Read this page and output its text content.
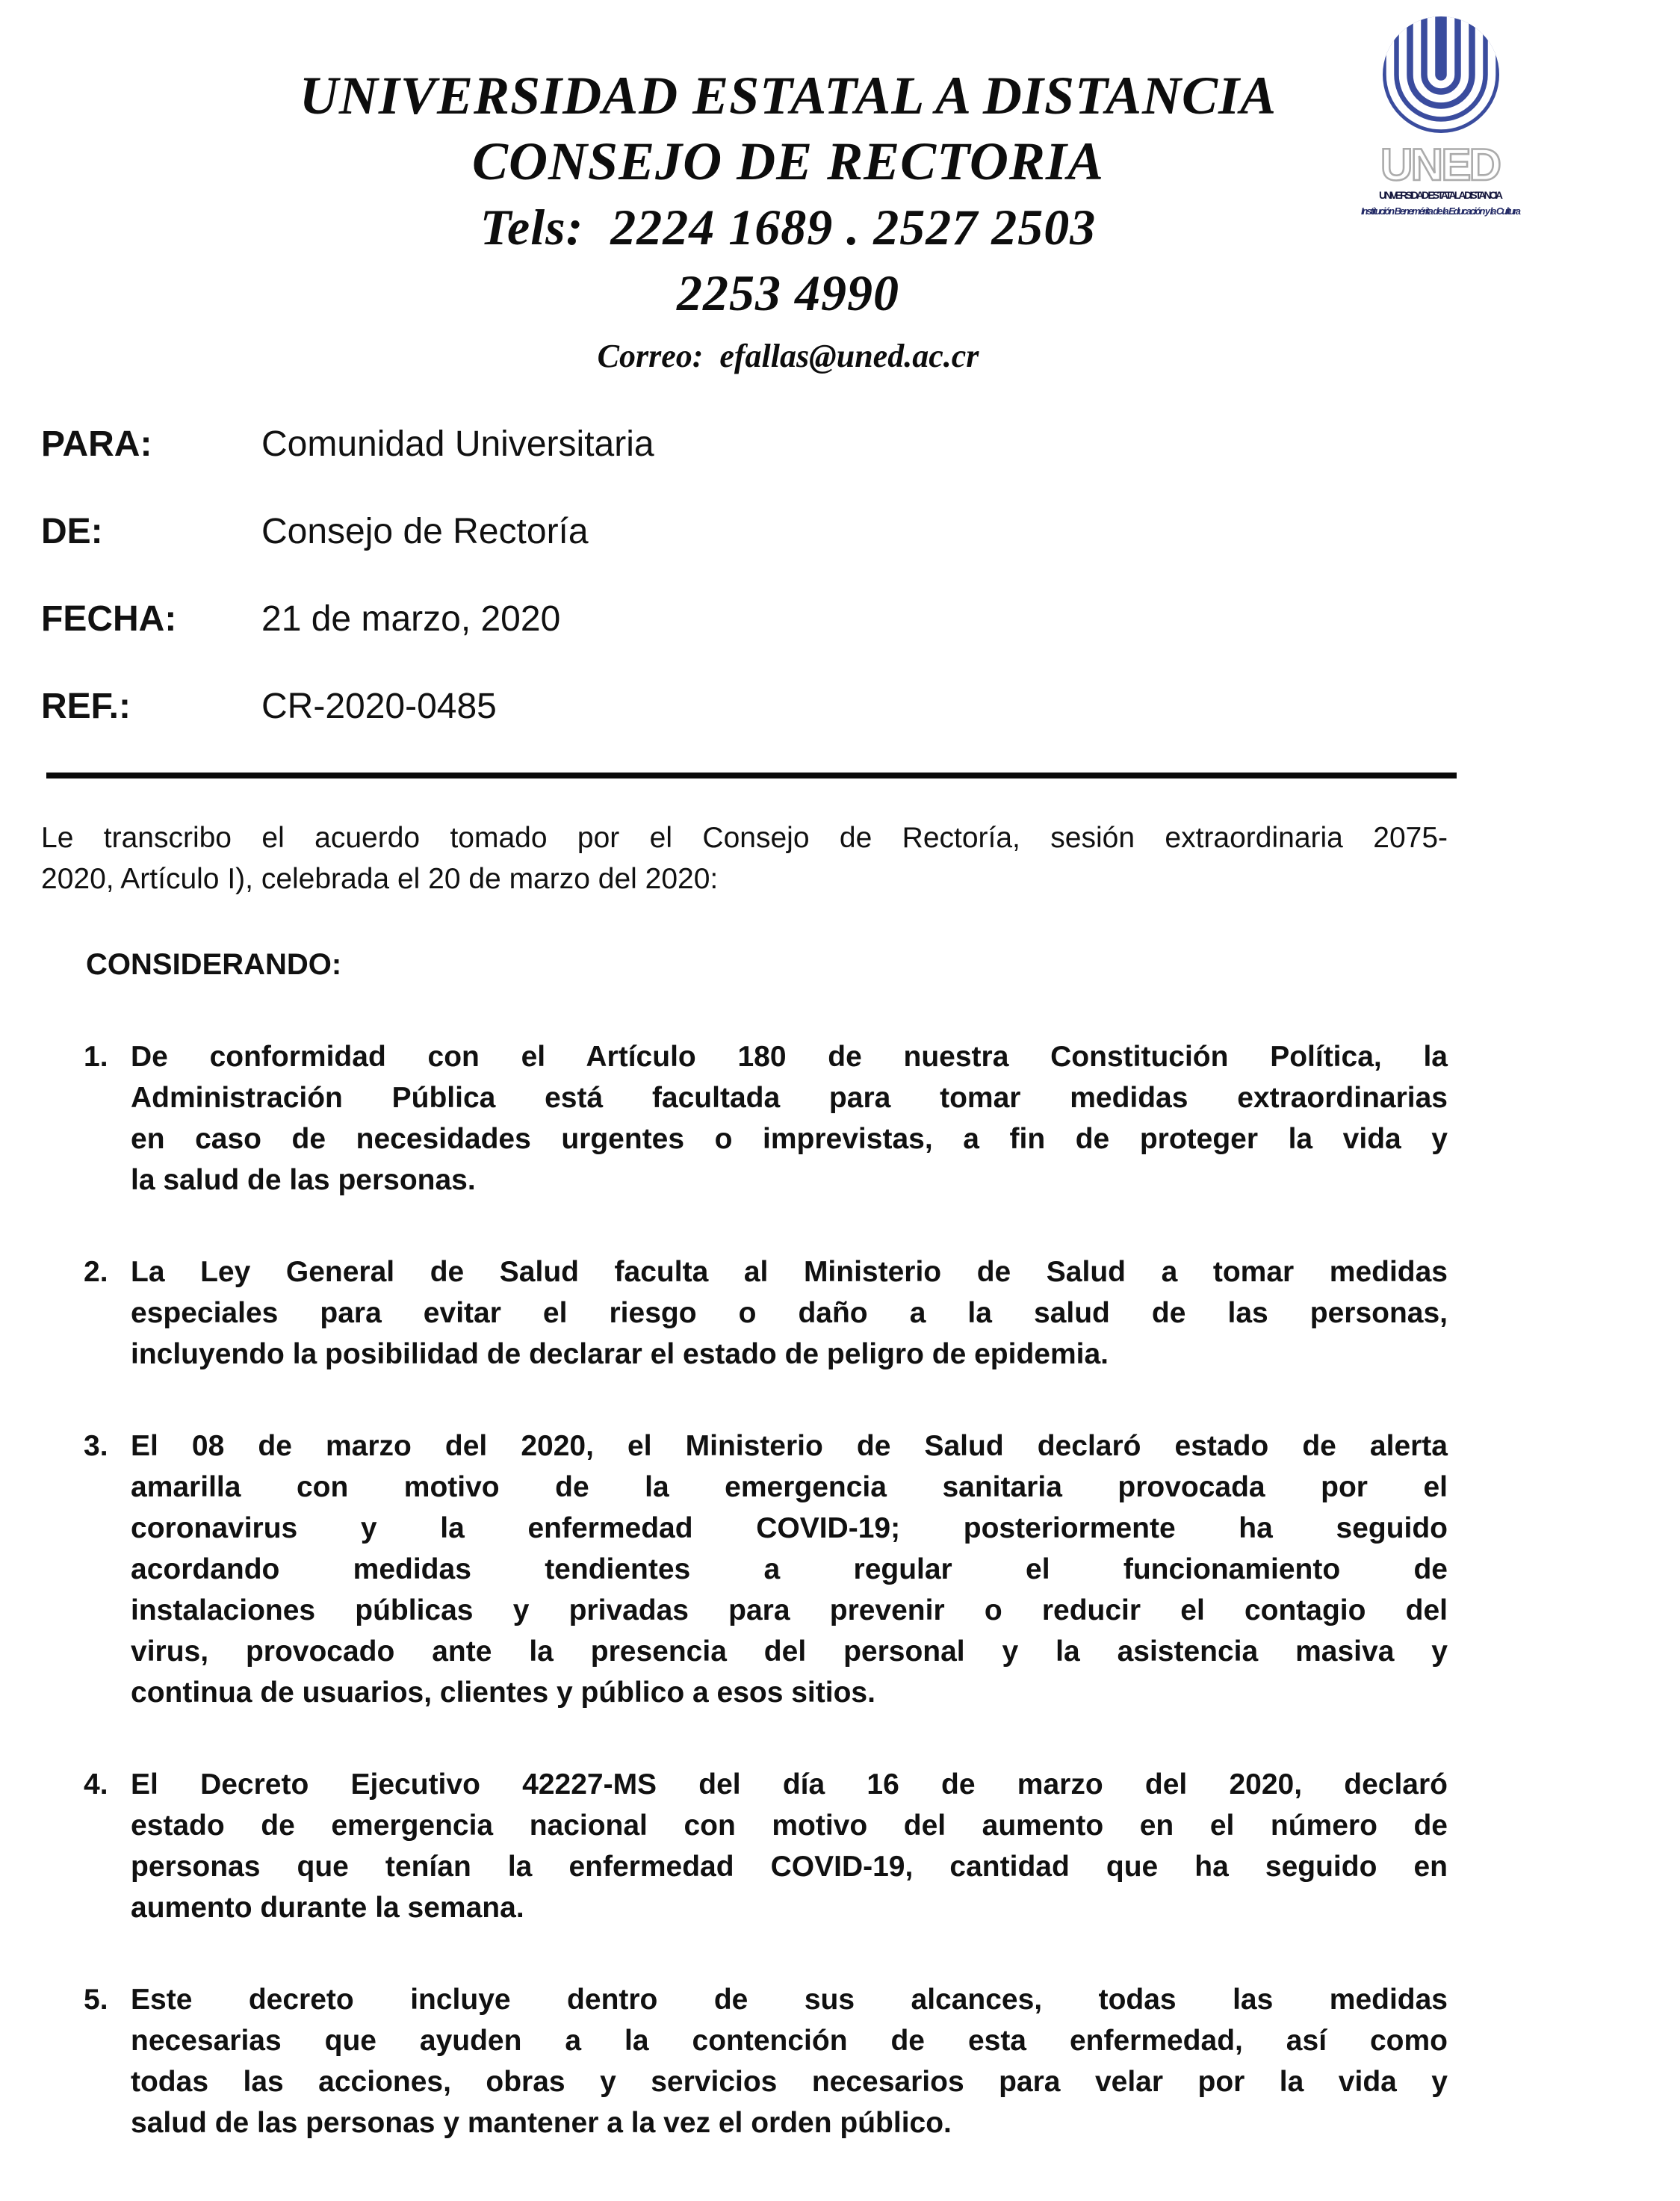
UNIVERSIDAD ESTATAL A DISTANCIA
CONSEJO DE RECTORIA
Tels:  2224 1689 . 2527 2503
2253 4990
Correo:  efallas@uned.ac.cr
UNED
UNIVERSIDAD ESTATAL A DISTANCIA
Institución Benemérita de la Educación y la Cultura
PARA:	Comunidad Universitaria
DE:	Consejo de Rectoría
FECHA:	21 de marzo, 2020
REF.:	CR-2020-0485
Le transcribo el acuerdo tomado por el Consejo de Rectoría, sesión extraordinaria 2075-
2020, Artículo I), celebrada el 20 de marzo del 2020:
CONSIDERANDO:
1. De conformidad con el Artículo 180 de nuestra Constitución Política, la
Administración Pública está facultada para tomar medidas extraordinarias
en caso de necesidades urgentes o imprevistas, a fin de proteger la vida y
la salud de las personas.
2. La Ley General de Salud faculta al Ministerio de Salud a tomar medidas
especiales para evitar el riesgo o daño a la salud de las personas,
incluyendo la posibilidad de declarar el estado de peligro de epidemia.
3. El 08 de marzo del 2020, el Ministerio de Salud declaró estado de alerta
amarilla con motivo de la emergencia sanitaria provocada por el
coronavirus y la enfermedad COVID-19; posteriormente ha seguido
acordando medidas tendientes a regular el funcionamiento de
instalaciones públicas y privadas para prevenir o reducir el contagio del
virus, provocado ante la presencia del personal y la asistencia masiva y
continua de usuarios, clientes y público a esos sitios.
4. El Decreto Ejecutivo 42227-MS del día 16 de marzo del 2020, declaró
estado de emergencia nacional con motivo del aumento en el número de
personas que tenían la enfermedad COVID-19, cantidad que ha seguido en
aumento durante la semana.
5. Este decreto incluye dentro de sus alcances, todas las medidas
necesarias que ayuden a la contención de esta enfermedad, así como
todas las acciones, obras y servicios necesarios para velar por la vida y
salud de las personas y mantener a la vez el orden público.
